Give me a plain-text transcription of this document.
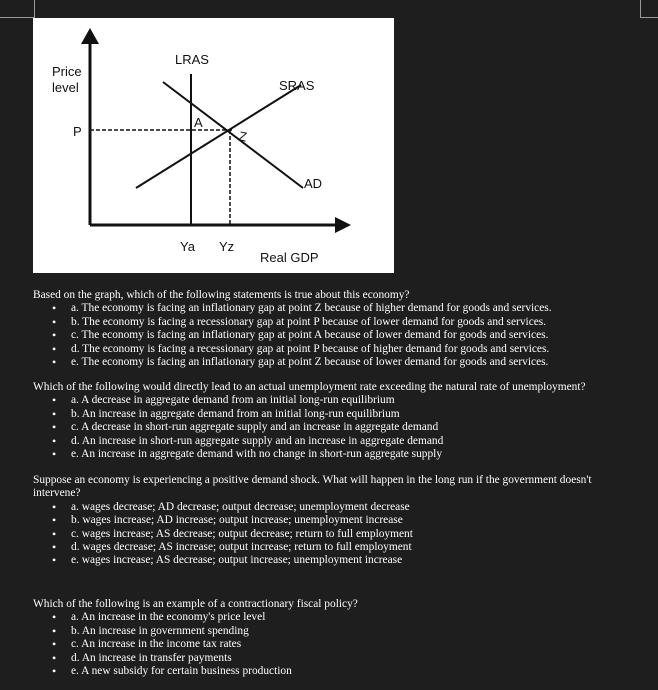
Price
level
LRAS
SRAS
AD
P
A
Z
Ya Yz
Real GDP

Based on the graph, which of the following statements is true about this economy?

• a. The economy is facing an inflationary gap at point Z because of higher demand for goods and services.
• b. The economy is facing a recessionary gap at point P because of lower demand for goods and services.
• c. The economy is facing an inflationary gap at point A because of lower demand for goods and services.
• d. The economy is facing a recessionary gap at point P because of higher demand for goods and services.
• e. The economy is facing an inflationary gap at point Z because of lower demand for goods and services.

Which of the following would directly lead to an actual unemployment rate exceeding the natural rate of unemployment?

• a. A decrease in aggregate demand from an initial long-run equilibrium
• b. An increase in aggregate demand from an initial long-run equilibrium
• c. A decrease in short-run aggregate supply and an increase in aggregate demand
• d. An increase in short-run aggregate supply and an increase in aggregate demand
• e. An increase in aggregate demand with no change in short-run aggregate supply

Suppose an economy is experiencing a positive demand shock. What will happen in the long run if the government doesn't intervene?

• a. wages decrease; AD decrease; output decrease; unemployment decrease
• b. wages increase; AD increase; output increase; unemployment increase
• c. wages increase; AS decrease; output decrease; return to full employment
• d. wages decrease; AS increase; output increase; return to full employment
• e. wages increase; AS decrease; output increase; unemployment increase

Which of the following is an example of a contractionary fiscal policy?

• a. An increase in the economy's price level
• b. An increase in government spending
• c. An increase in the income tax rates
• d. An increase in transfer payments
• e. A new subsidy for certain business production
